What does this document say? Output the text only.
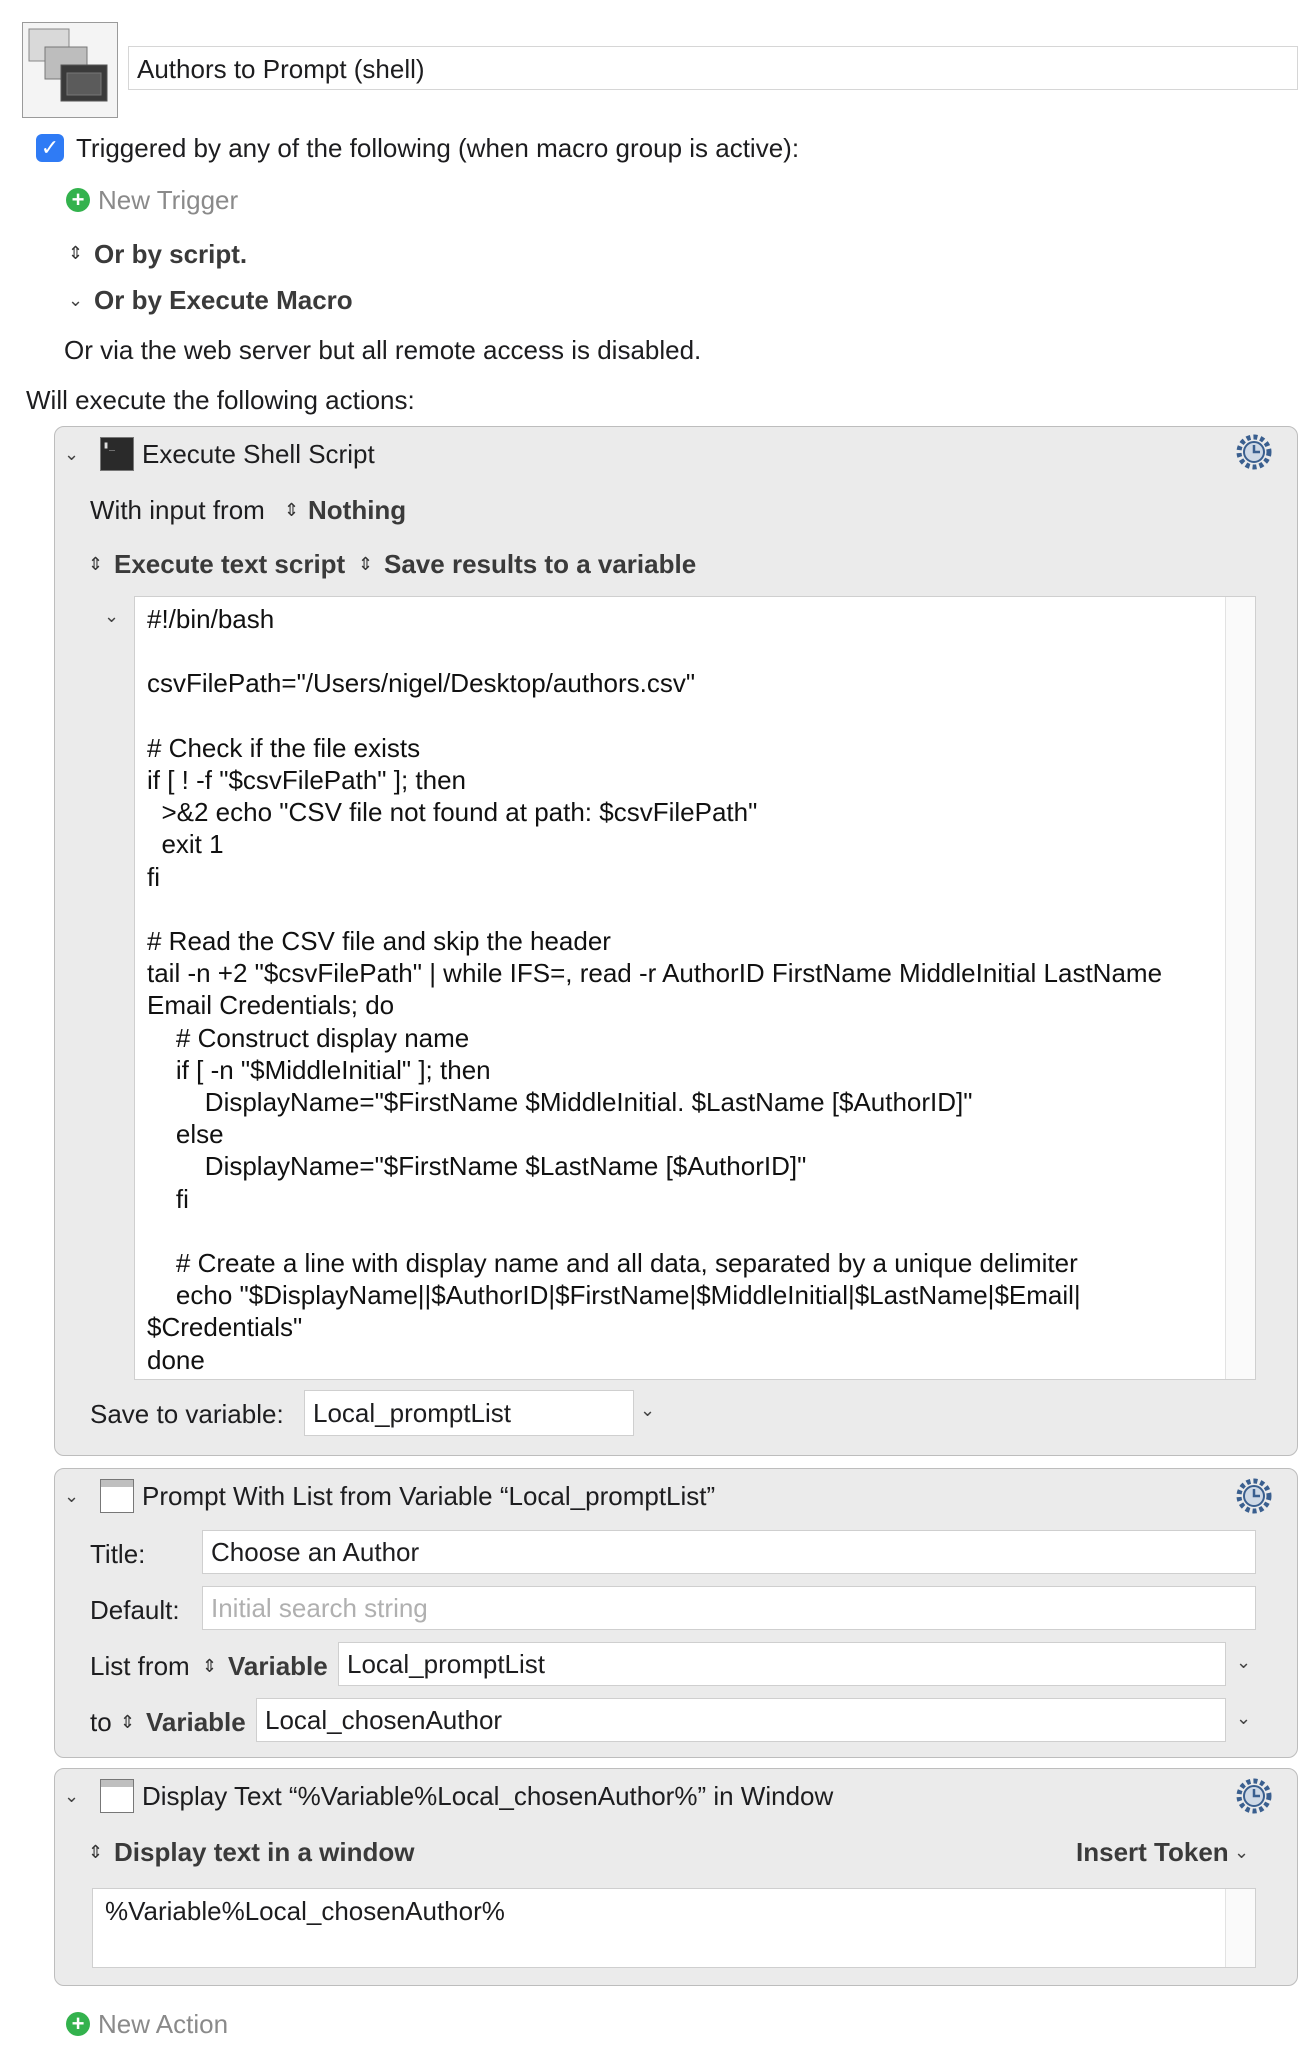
Authors to Prompt (shell)
✓ Triggered by any of the following (when macro group is active):
+ New Trigger
⇕ Or by script.
⌄ Or by Execute Macro
Or via the web server but all remote access is disabled.
Will execute the following actions:
⌄	▮_	Execute Shell Script
With input from ⇕ Nothing
⇕ Execute text script ⇕ Save results to a variable
⌄ #!/bin/bash

csvFilePath="/Users/nigel/Desktop/authors.csv"

# Check if the file exists
if [ ! -f "$csvFilePath" ]; then
>&2 echo "CSV file not found at path: $csvFilePath"
exit 1
fi

# Read the CSV file and skip the header
tail -n +2 "$csvFilePath" | while IFS=, read -r AuthorID FirstName MiddleInitial LastName
Email Credentials; do
# Construct display name
if [ -n "$MiddleInitial" ]; then
DisplayName="$FirstName $MiddleInitial. $LastName [$AuthorID]"
else
DisplayName="$FirstName $LastName [$AuthorID]"
fi

# Create a line with display name and all data, separated by a unique delimiter
echo "$DisplayName||$AuthorID|$FirstName|$MiddleInitial|$LastName|$Email|
$Credentials"
done
Save to variable:	Local_promptList	⌄
⌄ Prompt With List from Variable “Local_promptList”
Title:	Choose an Author
Default:	Initial search string
List from ⇕ Variable Local_promptList	⌄
to ⇕ Variable Local_chosenAuthor	⌄
⌄ Display Text “%Variable%Local_chosenAuthor%” in Window
⇕ Display text in a window	Insert Token ⌄
%Variable%Local_chosenAuthor%
+ New Action
